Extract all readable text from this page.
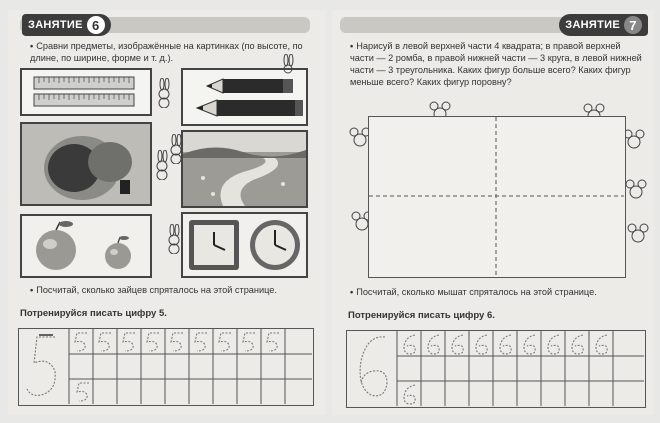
ЗАНЯТИЕ 6
• Сравни предметы, изображённые на картинках (по высоте, по длине, по ширине, форме и т. д.).
• Посчитай, сколько зайцев спряталось на этой странице.
Потренируйся писать цифру 5.
ЗАНЯТИЕ 7
• Нарисуй в левой верхней части 4 квадрата; в правой верхней части — 2 ромба, в правой нижней части — 3 круга, в левой нижней части — 3 треугольника. Каких фигур больше всего? Каких фигур меньше всего? Каких фигур поровну?
• Посчитай, сколько мышат спряталось на этой странице.
Потренируйся писать цифру 6.
